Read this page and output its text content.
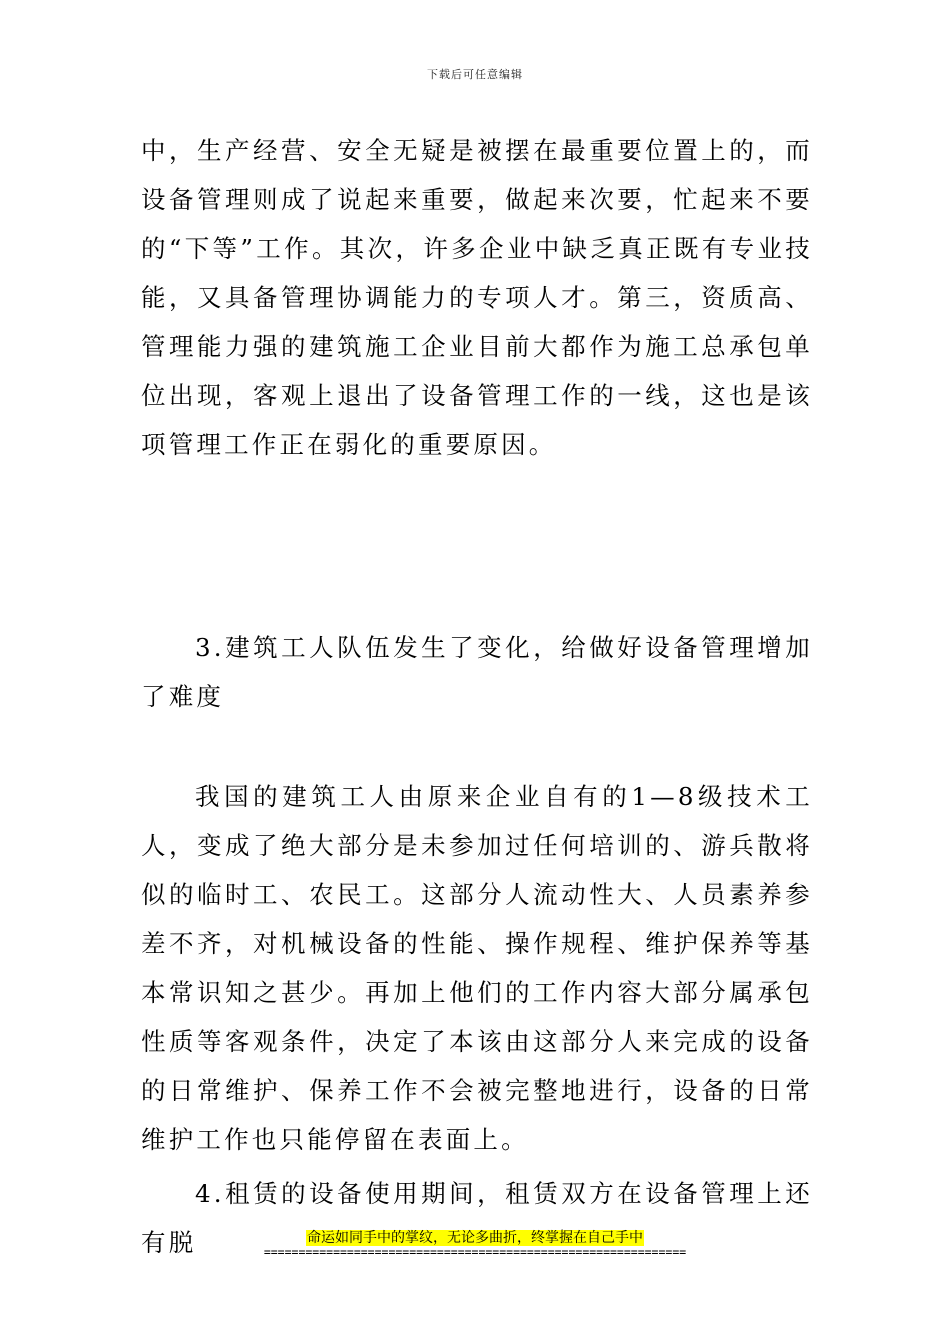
下载后可任意编辑

中，生产经营、安全无疑是被摆在最重要位置上的，而设备管理则成了说起来重要，做起来次要，忙起来不要的“下等”工作。其次，许多企业中缺乏真正既有专业技能，又具备管理协调能力的专项人才。第三，资质高、管理能力强的建筑施工企业目前大都作为施工总承包单位出现，客观上退出了设备管理工作的一线，这也是该项管理工作正在弱化的重要原因。

3.建筑工人队伍发生了变化，给做好设备管理增加了难度

我国的建筑工人由原来企业自有的1—8级技术工人，变成了绝大部分是未参加过任何培训的、游兵散将似的临时工、农民工。这部分人流动性大、人员素养参差不齐，对机械设备的性能、操作规程、维护保养等基本常识知之甚少。再加上他们的工作内容大部分属承包性质等客观条件，决定了本该由这部分人来完成的设备的日常维护、保养工作不会被完整地进行，设备的日常维护工作也只能停留在表面上。

4.租赁的设备使用期间，租赁双方在设备管理上还有脱	命运如同手中的掌纹，无论多曲折，终掌握在自己手中
=============================================================
